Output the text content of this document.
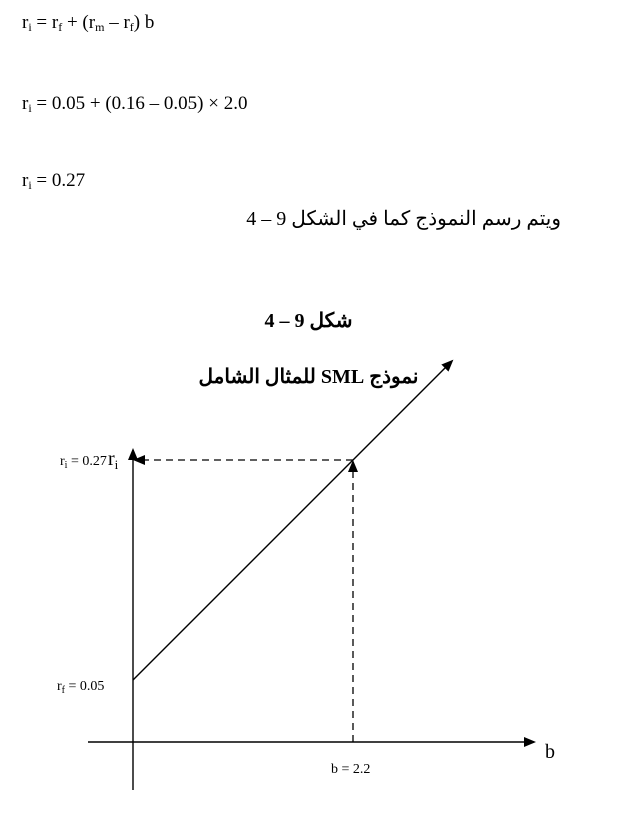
$r_i = r_f + (r_m - r_f)$ b
$r_i = 0.05 + (0.16 - 0.05) \times 2.0$
$r_i = 0.27$
ويتم رسم النموذج كما في الشكل 9 – 4
شكل 9 – 4
نموذج SML للمثال الشامل
$r_i$
b
$r_i = 0.27$
$r_f = 0.05$
b = 2.2
